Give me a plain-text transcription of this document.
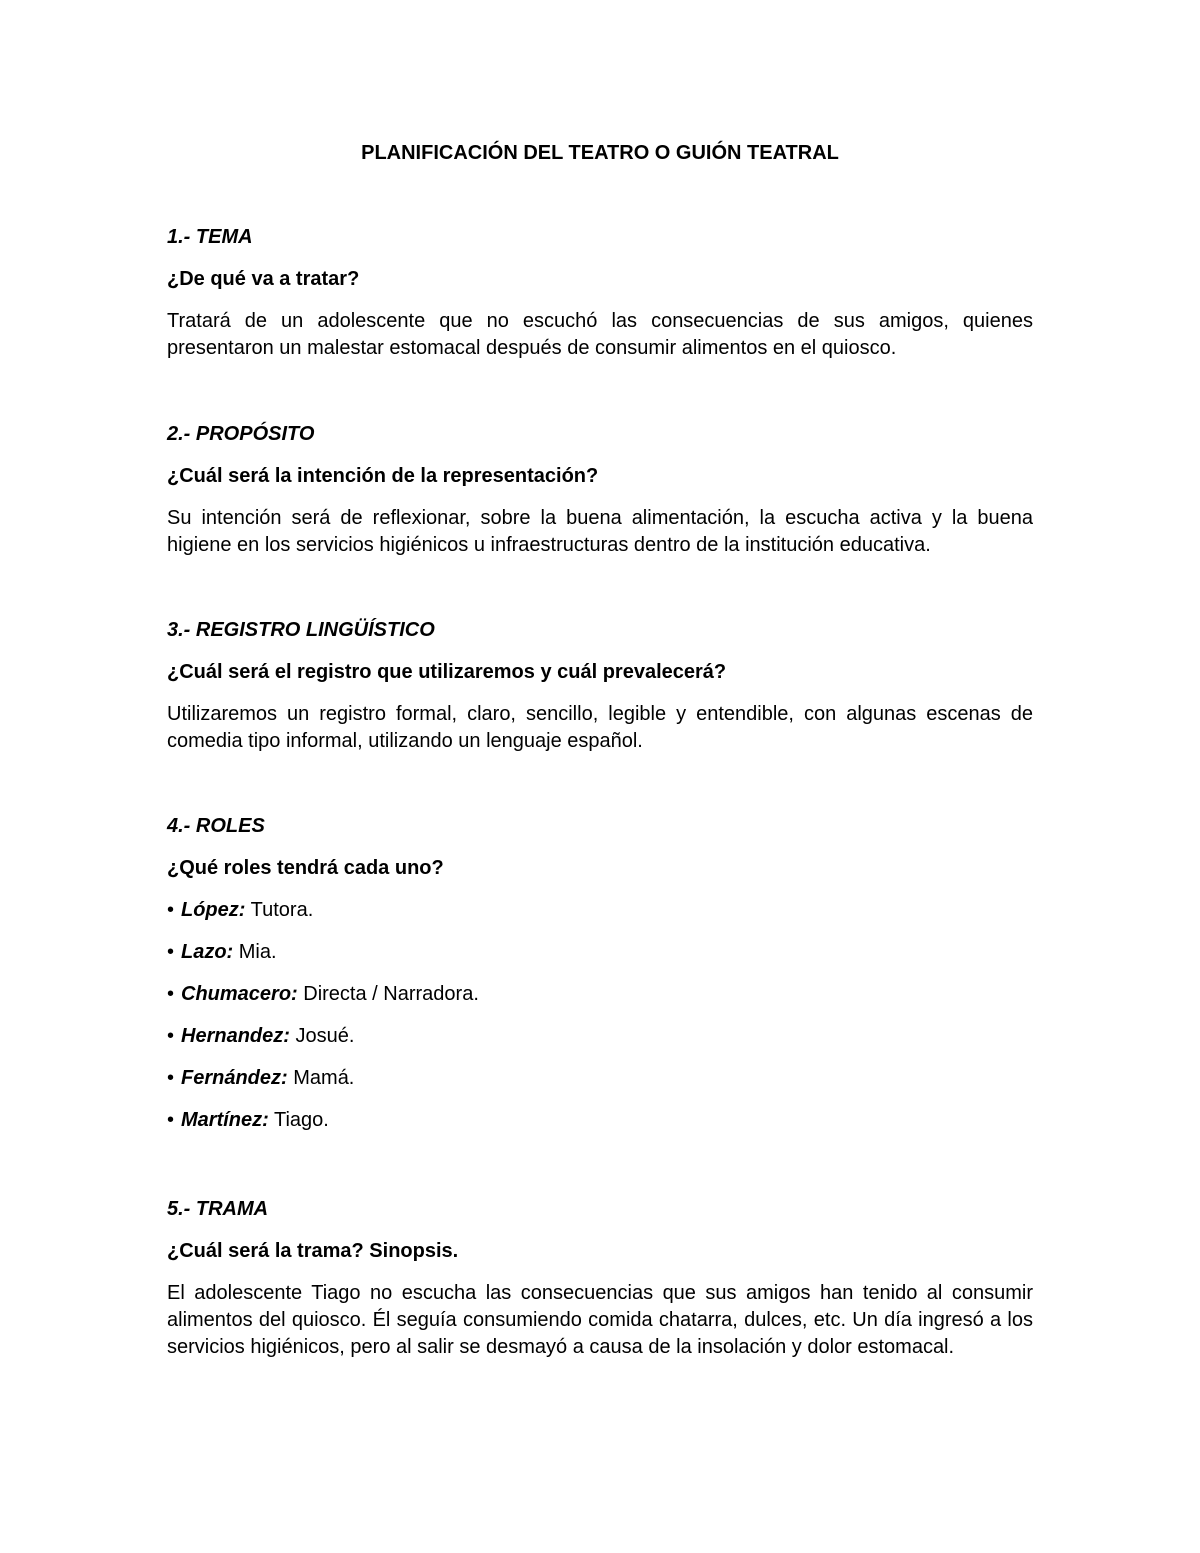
PLANIFICACIÓN DEL TEATRO O GUIÓN TEATRAL

1.- TEMA

¿De qué va a tratar?

Tratará de un adolescente que no escuchó las consecuencias de sus amigos, quienes presentaron un malestar estomacal después de consumir alimentos en el quiosco.

2.- PROPÓSITO

¿Cuál será la intención de la representación?

Su intención será de reflexionar, sobre la buena alimentación, la escucha activa y la buena higiene en los servicios higiénicos u infraestructuras dentro de la institución educativa.

3.- REGISTRO LINGÜÍSTICO

¿Cuál será el registro que utilizaremos y cuál prevalecerá?

Utilizaremos un registro formal, claro, sencillo, legible y entendible, con algunas escenas de comedia tipo informal, utilizando un lenguaje español.

4.- ROLES

¿Qué roles tendrá cada uno?

• López: Tutora.
• Lazo: Mia.
• Chumacero: Directa / Narradora.
• Hernandez: Josué.
• Fernández: Mamá.
• Martínez: Tiago.

5.- TRAMA

¿Cuál será la trama? Sinopsis.

El adolescente Tiago no escucha las consecuencias que sus amigos han tenido al consumir alimentos del quiosco. Él seguía consumiendo comida chatarra, dulces, etc. Un día ingresó a los servicios higiénicos, pero al salir se desmayó a causa de la insolación y dolor estomacal.
